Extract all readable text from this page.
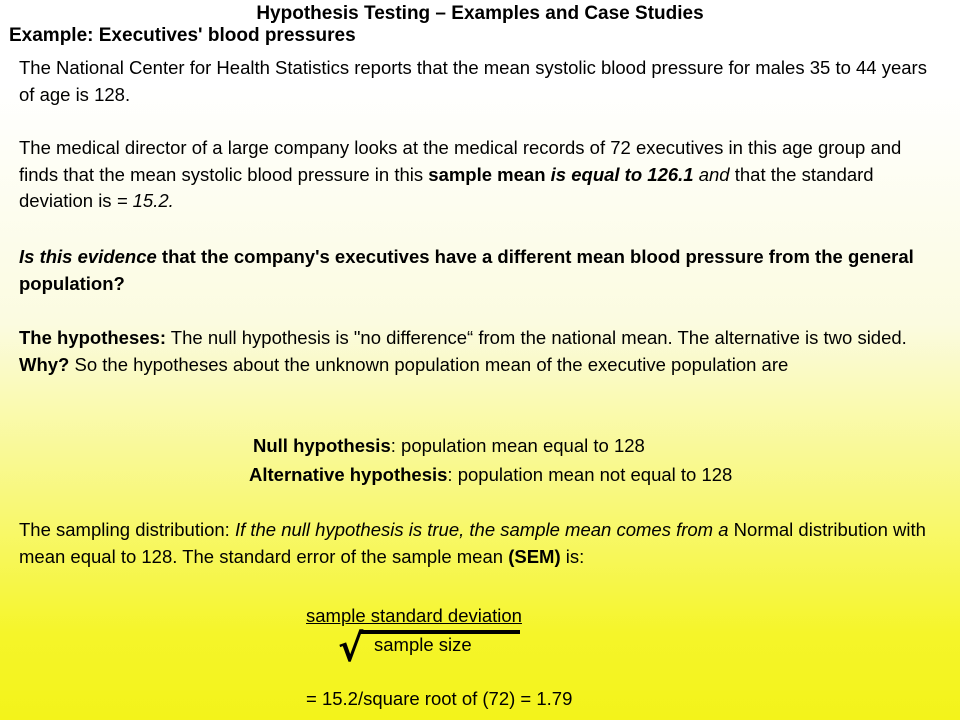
Hypothesis Testing – Examples and Case Studies
Example: Executives' blood pressures

The National Center for Health Statistics reports that the mean systolic blood pressure for males 35 to 44 years of age is 128.

The medical director of a large company looks at the medical records of 72 executives in this age group and finds that the mean systolic blood pressure in this sample mean is equal to 126.1 and that the standard deviation is = 15.2.

Is this evidence that the company's executives have a different mean blood pressure from the general population?

The hypotheses: The null hypothesis is "no difference“ from the national mean. The alternative is two sided. Why? So the hypotheses about the unknown population mean of the executive population are

Null hypothesis: population mean equal to 128

Alternative hypothesis: population mean not equal to 128

The sampling distribution: If the null hypothesis is true, the sample mean comes from a Normal distribution with mean equal to 128. The standard error of the sample mean (SEM) is:

sample standard deviation
√ sample size
= 15.2/square root of (72) = 1.79
